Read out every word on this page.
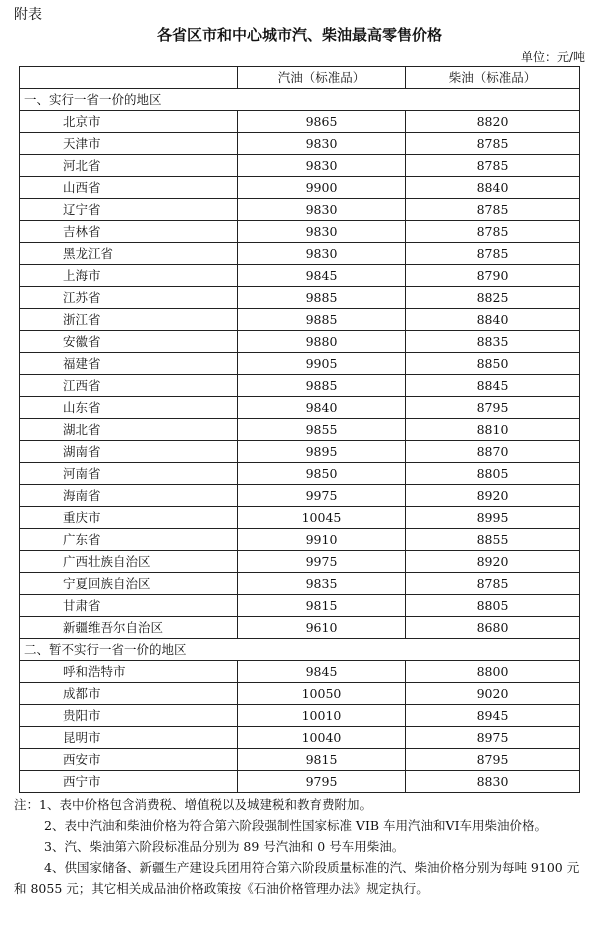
附表
各省区市和中心城市汽、柴油最高零售价格
单位：元/吨
	汽油（标准品）	柴油（标准品）
一、实行一省一价的地区		
北京市	9865	8820
天津市	9830	8785
河北省	9830	8785
山西省	9900	8840
辽宁省	9830	8785
吉林省	9830	8785
黑龙江省	9830	8785
上海市	9845	8790
江苏省	9885	8825
浙江省	9885	8840
安徽省	9880	8835
福建省	9905	8850
江西省	9885	8845
山东省	9840	8795
湖北省	9855	8810
湖南省	9895	8870
河南省	9850	8805
海南省	9975	8920
重庆市	10045	8995
广东省	9910	8855
广西壮族自治区	9975	8920
宁夏回族自治区	9835	8785
甘肃省	9815	8805
新疆维吾尔自治区	9610	8680
二、暂不实行一省一价的地区		
呼和浩特市	9845	8800
成都市	10050	9020
贵阳市	10010	8945
昆明市	10040	8975
西安市	9815	8795
西宁市	9795	8830

注：1、表中价格包含消费税、增值税以及城建税和教育费附加。

2、表中汽油和柴油价格为符合第六阶段强制性国家标准 VIB 车用汽油和VI车用柴油价格。

3、汽、柴油第六阶段标准品分别为 89 号汽油和 0 号车用柴油。

4、供国家储备、新疆生产建设兵团用符合第六阶段质量标准的汽、柴油价格分别为每吨 9100 元和 8055 元；其它相关成品油价格政策按《石油价格管理办法》规定执行。
